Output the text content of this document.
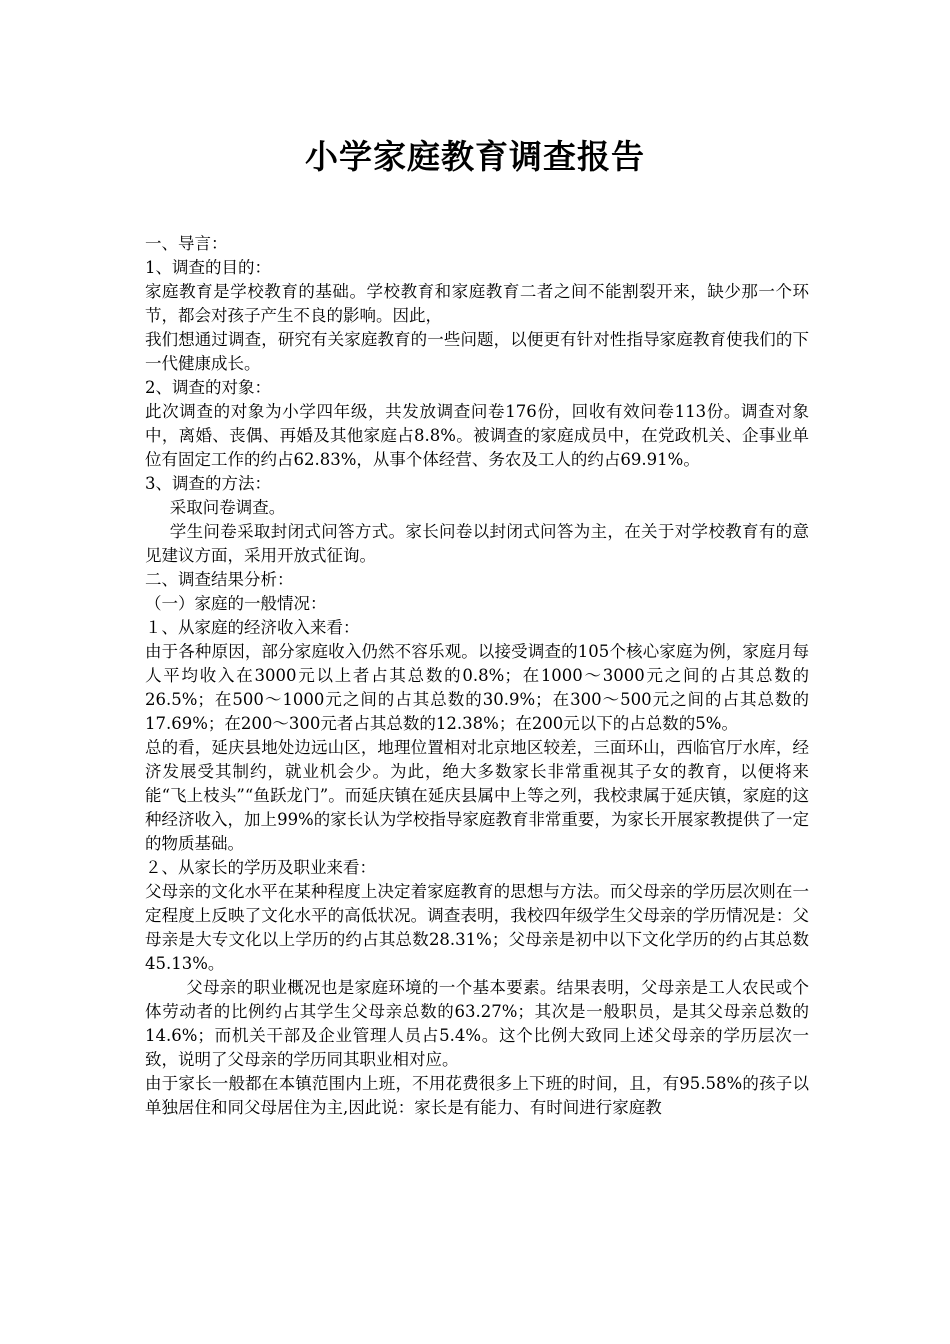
小学家庭教育调查报告

一、导言：

1、调查的目的：

家庭教育是学校教育的基础。学校教育和家庭教育二者之间不能割裂开来，缺少那一个环节，都会对孩子产生不良的影响。因此，

我们想通过调查，研究有关家庭教育的一些问题，以便更有针对性指导家庭教育使我们的下一代健康成长。

2、调查的对象：

此次调查的对象为小学四年级，共发放调查问卷176份，回收有效问卷113份。调查对象中，离婚、丧偶、再婚及其他家庭占8.8%。被调查的家庭成员中，在党政机关、企事业单位有固定工作的约占62.83%，从事个体经营、务农及工人的约占69.91%。

3、调查的方法：

采取问卷调查。

学生问卷采取封闭式问答方式。家长问卷以封闭式问答为主，在关于对学校教育有的意见建议方面，采用开放式征询。

二、调查结果分析：

（一）家庭的一般情况：

１、从家庭的经济收入来看：

由于各种原因，部分家庭收入仍然不容乐观。以接受调查的105个核心家庭为例，家庭月每人平均收入在3000元以上者占其总数的0.8%；在1000～3000元之间的占其总数的26.5%；在500～1000元之间的占其总数的30.9%；在300～500元之间的占其总数的17.69%；在200～300元者占其总数的12.38%；在200元以下的占总数的5%。

总的看，延庆县地处边远山区，地理位置相对北京地区较差，三面环山，西临官厅水库，经济发展受其制约，就业机会少。为此，绝大多数家长非常重视其子女的教育，以便将来能“飞上枝头”“鱼跃龙门”。而延庆镇在延庆县属中上等之列，我校隶属于延庆镇，家庭的这种经济收入，加上99%的家长认为学校指导家庭教育非常重要，为家长开展家教提供了一定的物质基础。

２、从家长的学历及职业来看：

父母亲的文化水平在某种程度上决定着家庭教育的思想与方法。而父母亲的学历层次则在一定程度上反映了文化水平的高低状况。调查表明，我校四年级学生父母亲的学历情况是：父母亲是大专文化以上学历的约占其总数28.31%；父母亲是初中以下文化学历的约占其总数45.13%。

父母亲的职业概况也是家庭环境的一个基本要素。结果表明，父母亲是工人农民或个体劳动者的比例约占其学生父母亲总数的63.27%；其次是一般职员，是其父母亲总数的14.6%；而机关干部及企业管理人员占5.4%。这个比例大致同上述父母亲的学历层次一致，说明了父母亲的学历同其职业相对应。

由于家长一般都在本镇范围内上班，不用花费很多上下班的时间，且，有95.58%的孩子以单独居住和同父母居住为主,因此说：家长是有能力、有时间进行家庭教
